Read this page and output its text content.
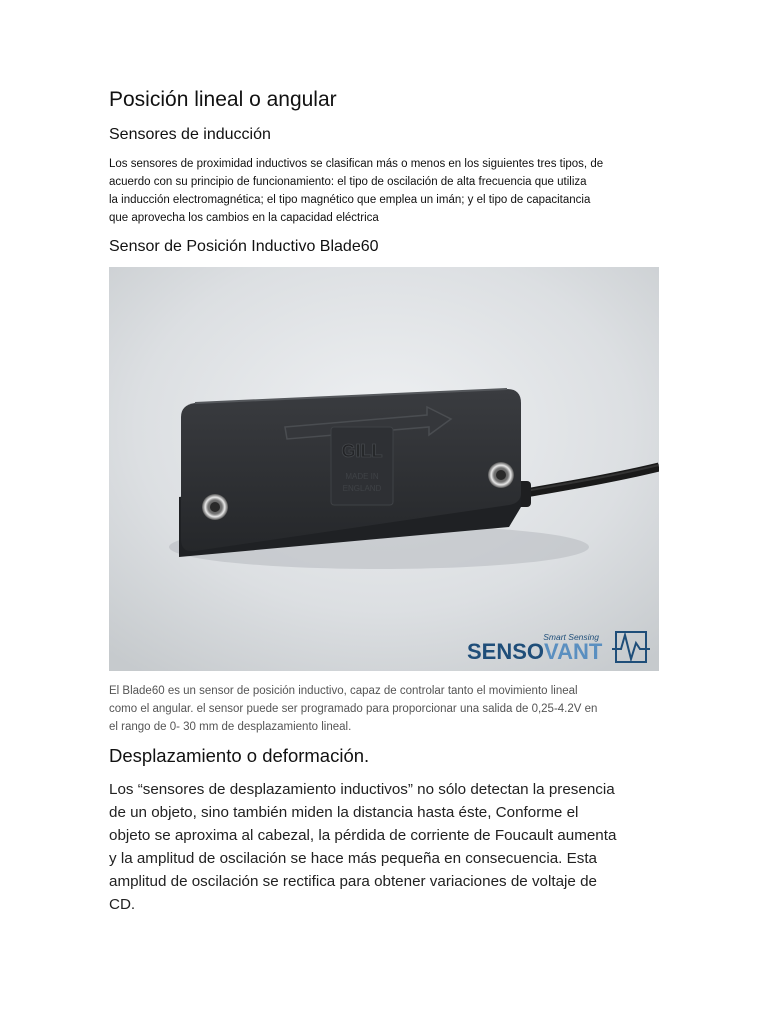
Posición lineal o angular
Sensores de inducción
Los sensores de proximidad inductivos se clasifican más o menos en los siguientes tres tipos, de
acuerdo con su principio de funcionamiento: el tipo de oscilación de alta frecuencia que utiliza
la inducción electromagnética; el tipo magnético que emplea un imán; y el tipo de capacitancia
que aprovecha los cambios en la capacidad eléctrica
Sensor de Posición Inductivo Blade60
GILL
MADE IN
ENGLAND
Smart Sensing
SENSOVANT
El Blade60 es un sensor de posición inductivo, capaz de controlar tanto el movimiento lineal
como el angular. el sensor puede ser programado para proporcionar una salida de 0,25-4.2V en
el rango de 0- 30 mm de desplazamiento lineal.
Desplazamiento o deformación.
Los “sensores de desplazamiento inductivos” no sólo detectan la presencia
de un objeto, sino también miden la distancia hasta éste, Conforme el
objeto se aproxima al cabezal, la pérdida de corriente de Foucault aumenta
y la amplitud de oscilación se hace más pequeña en consecuencia. Esta
amplitud de oscilación se rectifica para obtener variaciones de voltaje de
CD.
